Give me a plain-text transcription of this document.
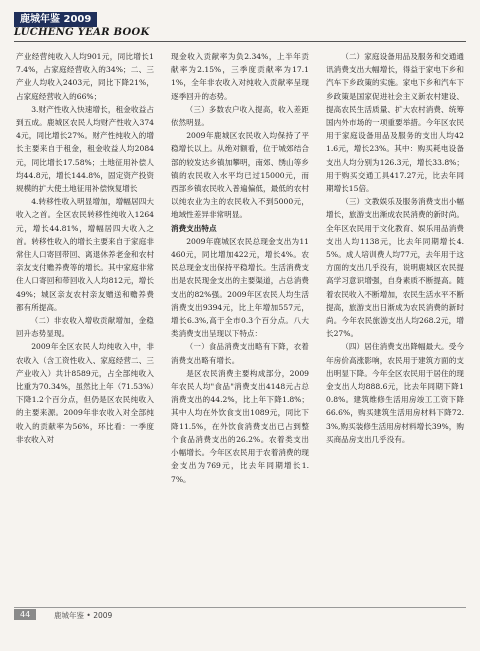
鹿城年鉴 2009
LUCHENG YEAR BOOK

产业经营纯收入人均901元，同比增长17.4%，占家庭经营收入的34%；二、三产业人均收入2403元，同比下降21%，占家庭经营收入的66%；

3.财产性收入快速增长，租金收益占到五成。鹿城区农民人均财产性收入3744元，同比增长27%。财产性纯收入的增长主要来自于租金，租金收益人均2084元，同比增长17.58%；土地征用补偿人均44.8元，增长144.8%，固定资产投资规模的扩大使土地征用补偿恢复增长

4.转移性收入明显增加，增幅居四大收入之首。全区农民转移性纯收入1264元，增长44.81%，增幅居四大收入之首。转移性收入的增长主要来自于家庭非常住人口寄回带回、离退休养老金和农村亲友支付赡养费等的增长。其中家庭非常住人口寄回和带回收入人均812元，增长49%；城区亲友农村亲友赠送和赡养费都有所提高。

（二）非农收入增收贡献增加，金稳回升态势显现。

2009年全区农民人均纯收入中，非农收入（含工资性收入、家庭经营二、三产业收入）共计8589元，占全部纯收入比重为70.34%，虽然比上年（71.53%）下降1.2个百分点，但仍是区农民纯收入的主要来源。2009年非农收入对全部纯收入的贡献率为56%，环比看：一季度非农收入对

现金收入贡献率为负2.34%，上半年贡献率为2.15%，三季度贡献率为17.11%，全年非农收入对纯收入贡献率呈现逐季回升的态势。

（三）多数农户收入提高，收入差距依然明显。

2009年鹿城区农民收入均保持了平稳增长以上。从绝对额看，位于城郊结合部的较发达乡镇加攀明，南郊、绣山等乡镇的农民收入水平均已过15000元，而西部乡镇农民收入普遍偏低，最低的农村以纯农业为主的农民收入不到5000元，地域性差异非常明显。

消费支出特点

2009年鹿城区农民总现金支出为11460元，同比增加422元，增长4%。农民总现金支出保持平稳增长。生活消费支出是农民现金支出的主要渠道，占总消费支出的82%强。2009年区农民人均生活消费支出9394元，比上年增加557元，增长6.3%,高于全市0.3个百分点。八大类消费支出呈现以下特点：

（一）食品消费支出略有下降，衣着消费支出略有增长。

是区农民消费主要构成部分，2009年农民人均"食品"消费支出4148元占总消费支出的44.2%，比上年下降1.8%；其中人均在外饮食支出1089元，同比下降11.5%，在外饮食消费支出已占到整个食品消费支出的26.2%。农着类支出小幅增长。今年区农民用于农着消费的现金支出为769元，比去年同期增长1.7%。

（二）家庭设备用品及服务和交通通讯消费支出大幅增长，得益于家电下乡和汽车下乡政策的实施。家电下乡和汽车下乡政策是国家促进社会主义新农村建设、提高农民生活质量、扩大农村消费、统筹国内外市场的一项重要举措。今年区农民用于家庭设备用品及服务的支出人均421.6元，增长23%。其中：购买耗电设备支出人均分别为126.3元，增长33.8%；用于购买交通工具417.27元，比去年同期增长15倍。

（三）文教娱乐及服务消费支出小幅增长，旅游支出渐成农民消费的新时尚。全年区农民用于文化教育、娱乐用品消费支出人均1138元，比去年同期增长4.5%。成人培训费人均77元，去年用于这方面的支出几乎没有，说明鹿城区农民提高学习意识增强，自身素质不断提高。随着农民收入不断增加，农民生活水平不断提高，旅游支出日渐成为农民消费的新时尚。今年农民旅游支出人均268.2元，增长27%。

（四）居住消费支出降幅最大。受今年房价高涨影响，农民用于建筑方面的支出明显下降。今年全区农民用于居住的现金支出人均888.6元，比去年同期下降10.8%。建筑维修生活用房竣工工资下降66.6%，购买建筑生活用房材料下降72.3%,购买装修生活用房材料增长39%，购买商品房支出几乎没有。

44	鹿城年鉴 • 2009
